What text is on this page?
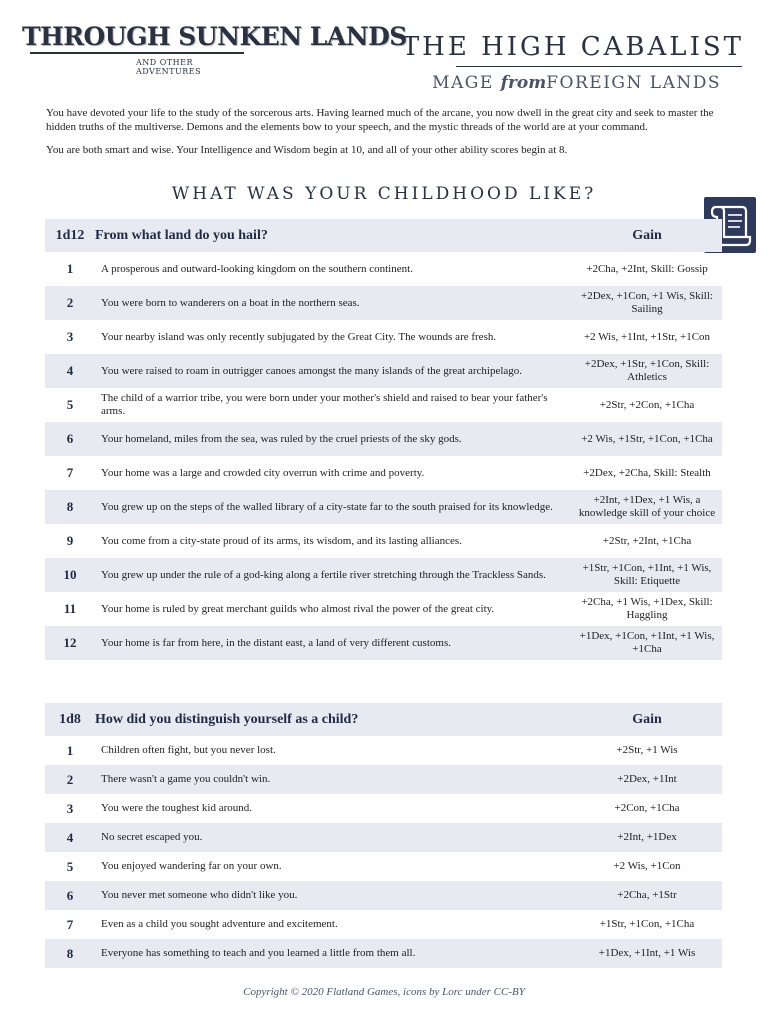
THROUGH SUNKEN LANDS
AND OTHER ADVENTURES
THE HIGH CABALIST
MAGE fromFOREIGN LANDS

You have devoted your life to the study of the sorcerous arts. Having learned much of the arcane, you now dwell in the great city and seek to master the hidden truths of the multiverse. Demons and the elements bow to your speech, and the mystic threads of the world are at your command.

You are both smart and wise. Your Intelligence and Wisdom begin at 10, and all of your other ability scores begin at 8.

WHAT WAS YOUR CHILDHOOD LIKE?
1d12	From what land do you hail?	Gain
1	A prosperous and outward-looking kingdom on the southern continent.	+2Cha, +2Int, Skill: Gossip
2	You were born to wanderers on a boat in the northern seas.	+2Dex, +1Con, +1 Wis, Skill: Sailing
3	Your nearby island was only recently subjugated by the Great City. The wounds are fresh.	+2 Wis, +1Int, +1Str, +1Con
4	You were raised to roam in outrigger canoes amongst the many islands of the great archipelago.	+2Dex, +1Str, +1Con, Skill: Athletics
5	The child of a warrior tribe, you were born under your mother's shield and raised to bear your father's arms.	+2Str, +2Con, +1Cha
6	Your homeland, miles from the sea, was ruled by the cruel priests of the sky gods.	+2 Wis, +1Str, +1Con, +1Cha
7	Your home was a large and crowded city overrun with crime and poverty.	+2Dex, +2Cha, Skill: Stealth
8	You grew up on the steps of the walled library of a city-state far to the south praised for its knowledge.	+2Int, +1Dex, +1 Wis, a knowledge skill of your choice
9	You come from a city-state proud of its arms, its wisdom, and its lasting alliances.	+2Str, +2Int, +1Cha
10	You grew up under the rule of a god-king along a fertile river stretching through the Trackless Sands.	+1Str, +1Con, +1Int, +1 Wis, Skill: Etiquette
11	Your home is ruled by great merchant guilds who almost rival the power of the great city.	+2Cha, +1 Wis, +1Dex, Skill: Haggling
12	Your home is far from here, in the distant east, a land of very different customs.	+1Dex, +1Con, +1Int, +1 Wis, +1Cha
1d8	How did you distinguish yourself as a child?	Gain
1	Children often fight, but you never lost.	+2Str, +1 Wis
2	There wasn't a game you couldn't win.	+2Dex, +1Int
3	You were the toughest kid around.	+2Con, +1Cha
4	No secret escaped you.	+2Int, +1Dex
5	You enjoyed wandering far on your own.	+2 Wis, +1Con
6	You never met someone who didn't like you.	+2Cha, +1Str
7	Even as a child you sought adventure and excitement.	+1Str, +1Con, +1Cha
8	Everyone has something to teach and you learned a little from them all.	+1Dex, +1Int, +1 Wis
Copyright © 2020 Flatland Games, icons by Lorc under CC-BY
